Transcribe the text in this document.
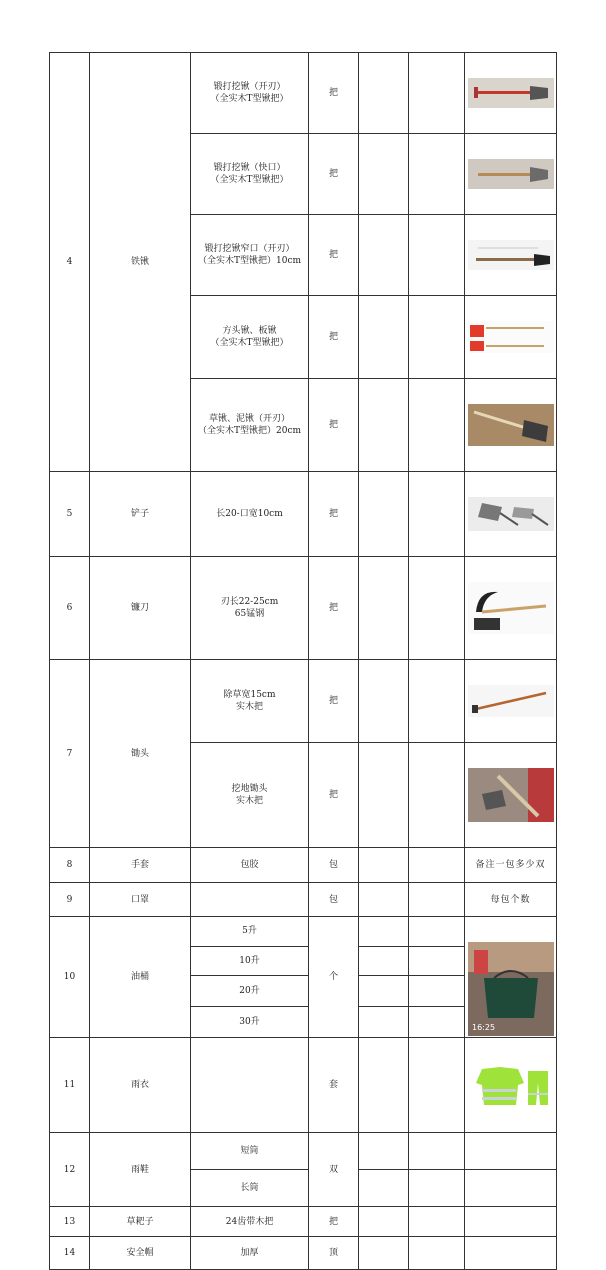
4	铁锹	锻打挖锹（开刃）
（全实木T型锹把）	把			

		锻打挖锹（快口）
（全实木T型锹把）	把			

		锻打挖锹窄口（开刃）
（全实木T型锹把）10cm	把			

		方头锹、板锹
（全实木T型锹把）	把			

		草锹、泥锹（开刃）
（全实木T型锹把）20cm	把			

5	铲子	长20-口宽10cm	把			

6	镰刀	刃长22-25cm
65锰钢	把			

7	锄头	除草宽15cm
实木把	把			

		挖地锄头
实木把	把			

8	手套	包胶	包			备注一包多少双
9	口罩		包			每包个数
10	油桶	5升	个			16:25

		10升				
		20升				
		30升				
11	雨衣		套			

12	雨鞋	短筒	双			
		长筒				
13	草耙子	24齿带木把	把			
14	安全帽	加厚	顶			
